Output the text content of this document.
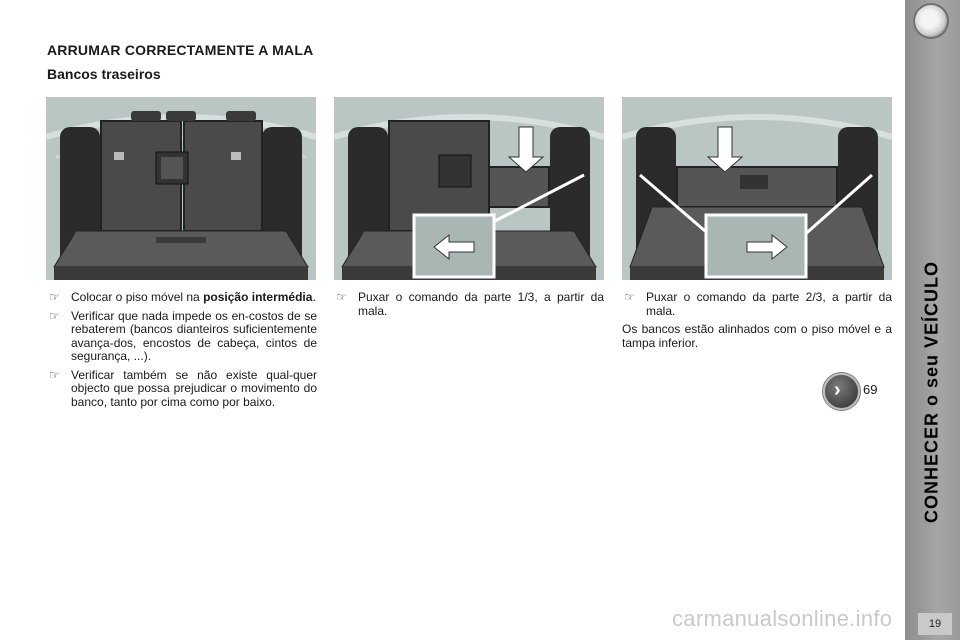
ARRUMAR CORRECTAMENTE A MALA
Bancos traseiros
☞ Colocar o piso móvel na posição intermédia.
☞ Verificar que nada impede os en-costos de se rebaterem (bancos dianteiros suficientemente avança-dos, encostos de cabeça, cintos de segurança, ...).
☞ Verificar também se não existe qual-quer objecto que possa prejudicar o movimento do banco, tanto por cima como por baixo.
☞ Puxar o comando da parte 1/3, a partir da mala.
☞ Puxar o comando da parte 2/3, a partir da mala.

Os bancos estão alinhados com o piso móvel e a tampa inferior.

› 69 CONHECER o seu VEÍCULO
19
carmanualsonline.info
